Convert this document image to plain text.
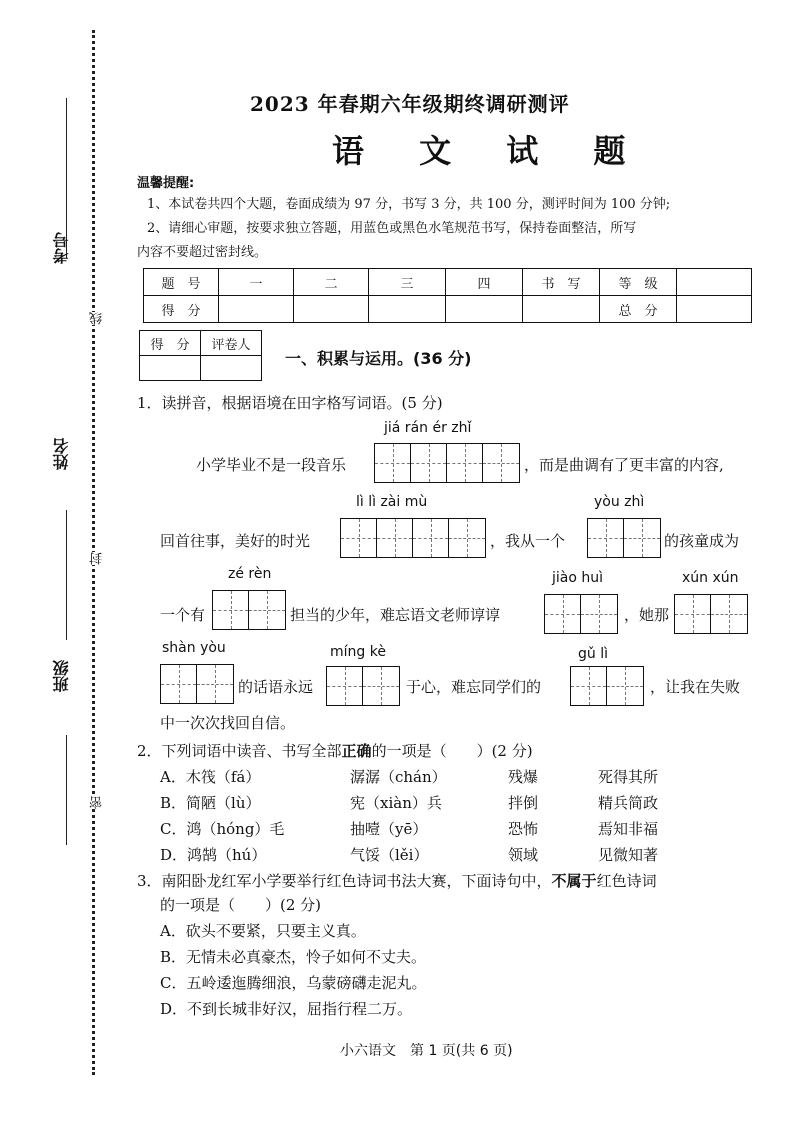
考号
线
姓名
封
班级
密
2023 年春期六年级期终调研测评
语 文 试 题
温馨提醒:
1、本试卷共四个大题，卷面成绩为 97 分，书写 3 分，共 100 分，测评时间为 100 分钟;
2、请细心审题，按要求独立答题，用蓝色或黑色水笔规范书写，保持卷面整洁，所写
内容不要超过密封线。
题　号	一	二	三	四	书　写	等　级	
得　分						总　分	
得　分	评卷人

一、积累与运用。(36 分)
1．读拼音，根据语境在田字格写词语。(5 分)
jiá rán ér zhǐ
小学毕业不是一段音乐	，而是曲调有了更丰富的内容,
lì lì zài mù	yòu zhì
回首往事，美好的时光	，我从一个	的孩童成为
zé rèn	jiào huì	xún xún
一个有	担当的少年，难忘语文老师谆谆	，她那
shàn yòu	míng kè	gǔ lì
的话语永远	于心，难忘同学们的	，让我在失败
中一次次找回自信。
2．下列词语中读音、书写全部正确的一项是（　　）(2 分)
A．木筏（fá）	潺潺（chán）	残爆	死得其所
B．简陋（lù）	宪（xiàn）兵	拌倒	精兵简政
C．鸿（hóng）毛	抽噎（yē）	恐怖	焉知非福
D．鸿鹄（hú）	气馁（lěi）	领域	见微知著
3．南阳卧龙红军小学要举行红色诗词书法大赛，下面诗句中，不属于红色诗词
的一项是（　　）(2 分)
A．砍头不要紧，只要主义真。
B．无情未必真豪杰，怜子如何不丈夫。
C．五岭逶迤腾细浪，乌蒙磅礴走泥丸。
D．不到长城非好汉，屈指行程二万。
小六语文　第 1 页(共 6 页)
